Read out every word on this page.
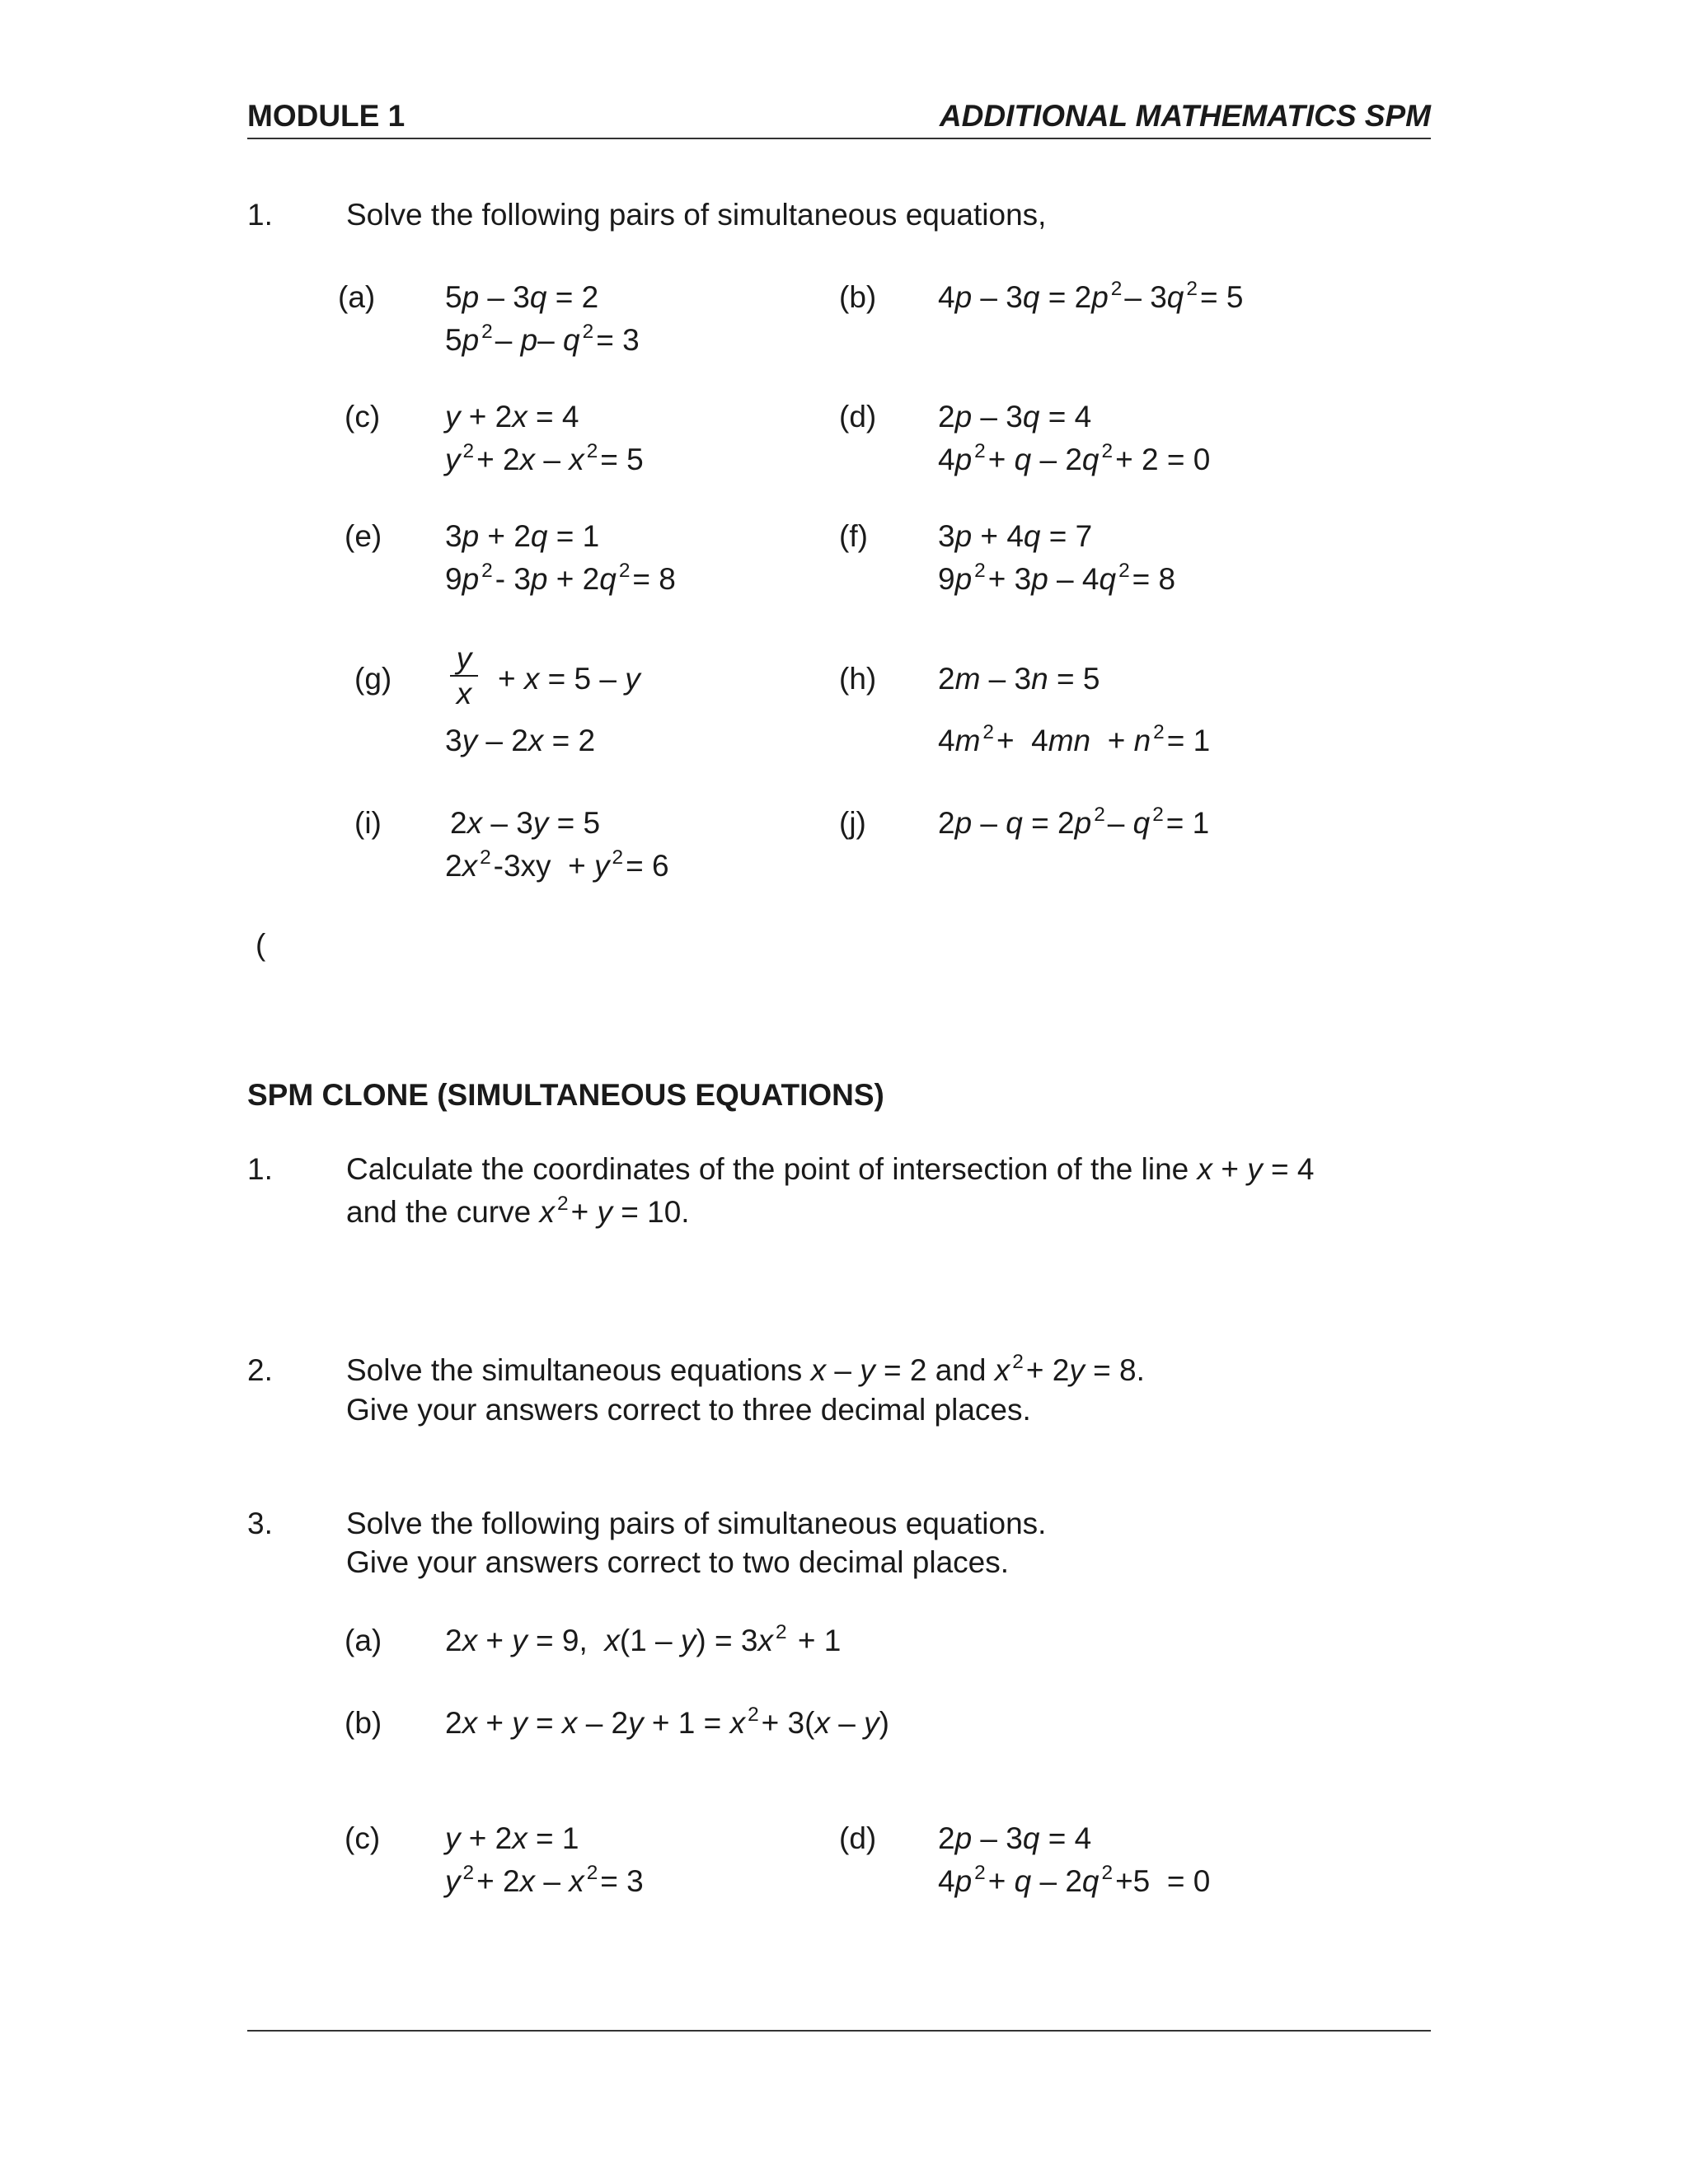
MODULE 1	ADDITIONAL MATHEMATICS SPM
1. Solve the following pairs of simultaneous equations,
(a) 5p – 3q = 2
5p $^2$– p– q $^2$= 3
(b) 4p – 3q = 2p $^2$– 3q $^2$= 5
(c) y + 2x = 4
y $^2$+ 2x – x $^2$= 5
(d) 2p – 3q = 4
4p $^2$+ q – 2q $^2$+ 2 = 0
(e) 3p + 2q = 1
9p $^2$- 3p + 2q $^2$= 8
(f) 3p + 4q = 7
9p $^2$+ 3p – 4q $^2$= 8
(g)
y
x + x = 5 – y
3y – 2x = 2
(h) 2m – 3n = 5
4m $^2$+  4mn  + n $^2$= 1
(i) 2x – 3y = 5
2x $^2$-3xy  + y $^2$= 6
(j) 2p – q = 2p $^2$– q $^2$= 1
(
SPM CLONE (SIMULTANEOUS EQUATIONS)
1. Calculate the coordinates of the point of intersection of the line x + y = 4
and the curve x $^2$+ y = 10.
2. Solve the simultaneous equations x – y = 2 and x $^2$+ 2y = 8.
Give your answers correct to three decimal places.
3. Solve the following pairs of simultaneous equations.
Give your answers correct to two decimal places.
(a) 2x + y = 9,  x(1 – y) = 3x $^2$ + 1
(b) 2x + y = x – 2y + 1 = x $^2$+ 3(x – y)
(c) y + 2x = 1
y $^2$+ 2x – x $^2$= 3
(d) 2p – 3q = 4
4p $^2$+ q – 2q $^2$+5  = 0
